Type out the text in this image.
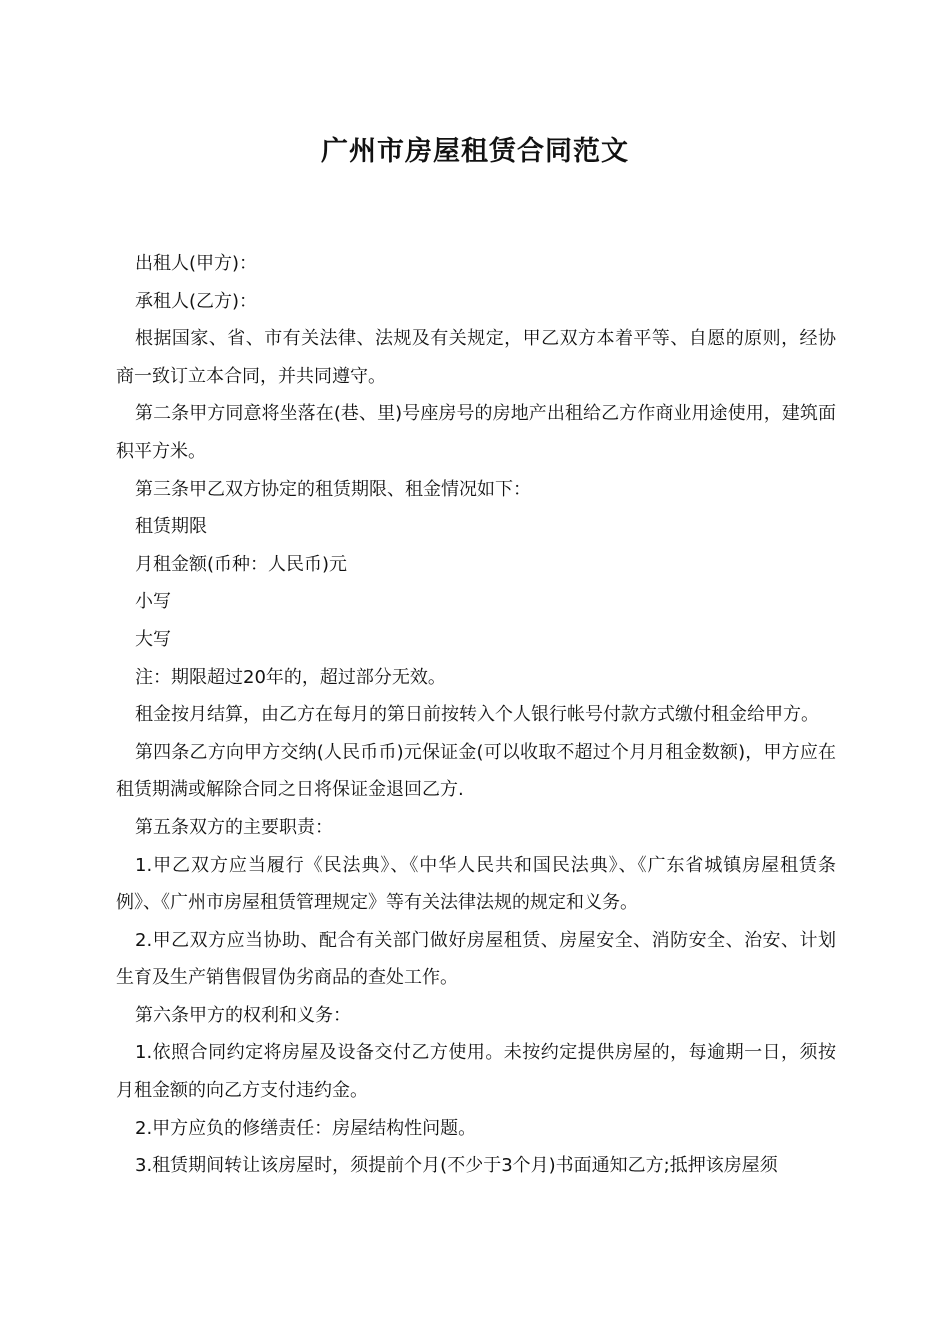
广州市房屋租赁合同范文

出租人(甲方)：

承租人(乙方)：

根据国家、省、市有关法律、法规及有关规定，甲乙双方本着平等、自愿的原则，经协商一致订立本合同，并共同遵守。

第二条甲方同意将坐落在(巷、里)号座房号的房地产出租给乙方作商业用途使用，建筑面积平方米。

第三条甲乙双方协定的租赁期限、租金情况如下：

租赁期限

月租金额(币种：人民币)元

小写

大写

注：期限超过20年的，超过部分无效。

租金按月结算，由乙方在每月的第日前按转入个人银行帐号付款方式缴付租金给甲方。

第四条乙方向甲方交纳(人民币币)元保证金(可以收取不超过个月月租金数额)，甲方应在租赁期满或解除合同之日将保证金退回乙方.

第五条双方的主要职责：

1.甲乙双方应当履行《民法典》、《中华人民共和国民法典》、《广东省城镇房屋租赁条例》、《广州市房屋租赁管理规定》等有关法律法规的规定和义务。

2.甲乙双方应当协助、配合有关部门做好房屋租赁、房屋安全、消防安全、治安、计划生育及生产销售假冒伪劣商品的查处工作。

第六条甲方的权利和义务：

1.依照合同约定将房屋及设备交付乙方使用。未按约定提供房屋的，每逾期一日，须按月租金额的向乙方支付违约金。

2.甲方应负的修缮责任：房屋结构性问题。

3.租赁期间转让该房屋时，须提前个月(不少于3个月)书面通知乙方;抵押该房屋须
